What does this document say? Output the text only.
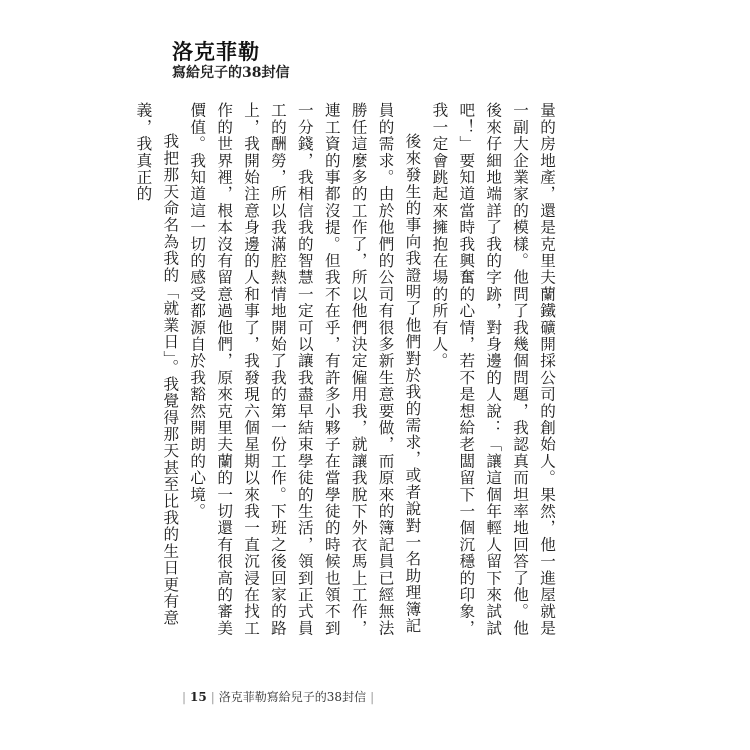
洛克菲勒
寫給兒子的38封信

量的房地產，還是克里夫蘭鐵礦開採公司的創始人。果然，他一進屋就是一副大企業家的模樣。他問了我幾個問題，我認真而坦率地回答了他。他後來仔細地端詳了我的字跡，對身邊的人說：「讓這個年輕人留下來試試吧！」要知道當時我興奮的心情，若不是想給老闆留下一個沉穩的印象，我一定會跳起來擁抱在場的所有人。

後來發生的事向我證明了他們對於我的需求，或者說對一名助理簿記員的需求。由於他們的公司有很多新生意要做，而原來的簿記員已經無法勝任這麼多的工作了，所以他們決定僱用我，就讓我脫下外衣馬上工作，連工資的事都沒提。但我不在乎，有許多小夥子在當學徒的時候也領不到一分錢，我相信我的智慧一定可以讓我盡早結束學徒的生活，領到正式員工的酬勞，所以我滿腔熱情地開始了我的第一份工作。下班之後回家的路上，我開始注意身邊的人和事了，我發現六個星期以來我一直沉浸在找工作的世界裡，根本沒有留意過他們，原來克里夫蘭的一切還有很高的審美價值。我知道這一切的感受都源自於我豁然開朗的心境。

我把那天命名為我的「就業日」。我覺得那天甚至比我的生日更有意義，我真正的

| 15 | 洛克菲勒寫給兒子的38封信 |
